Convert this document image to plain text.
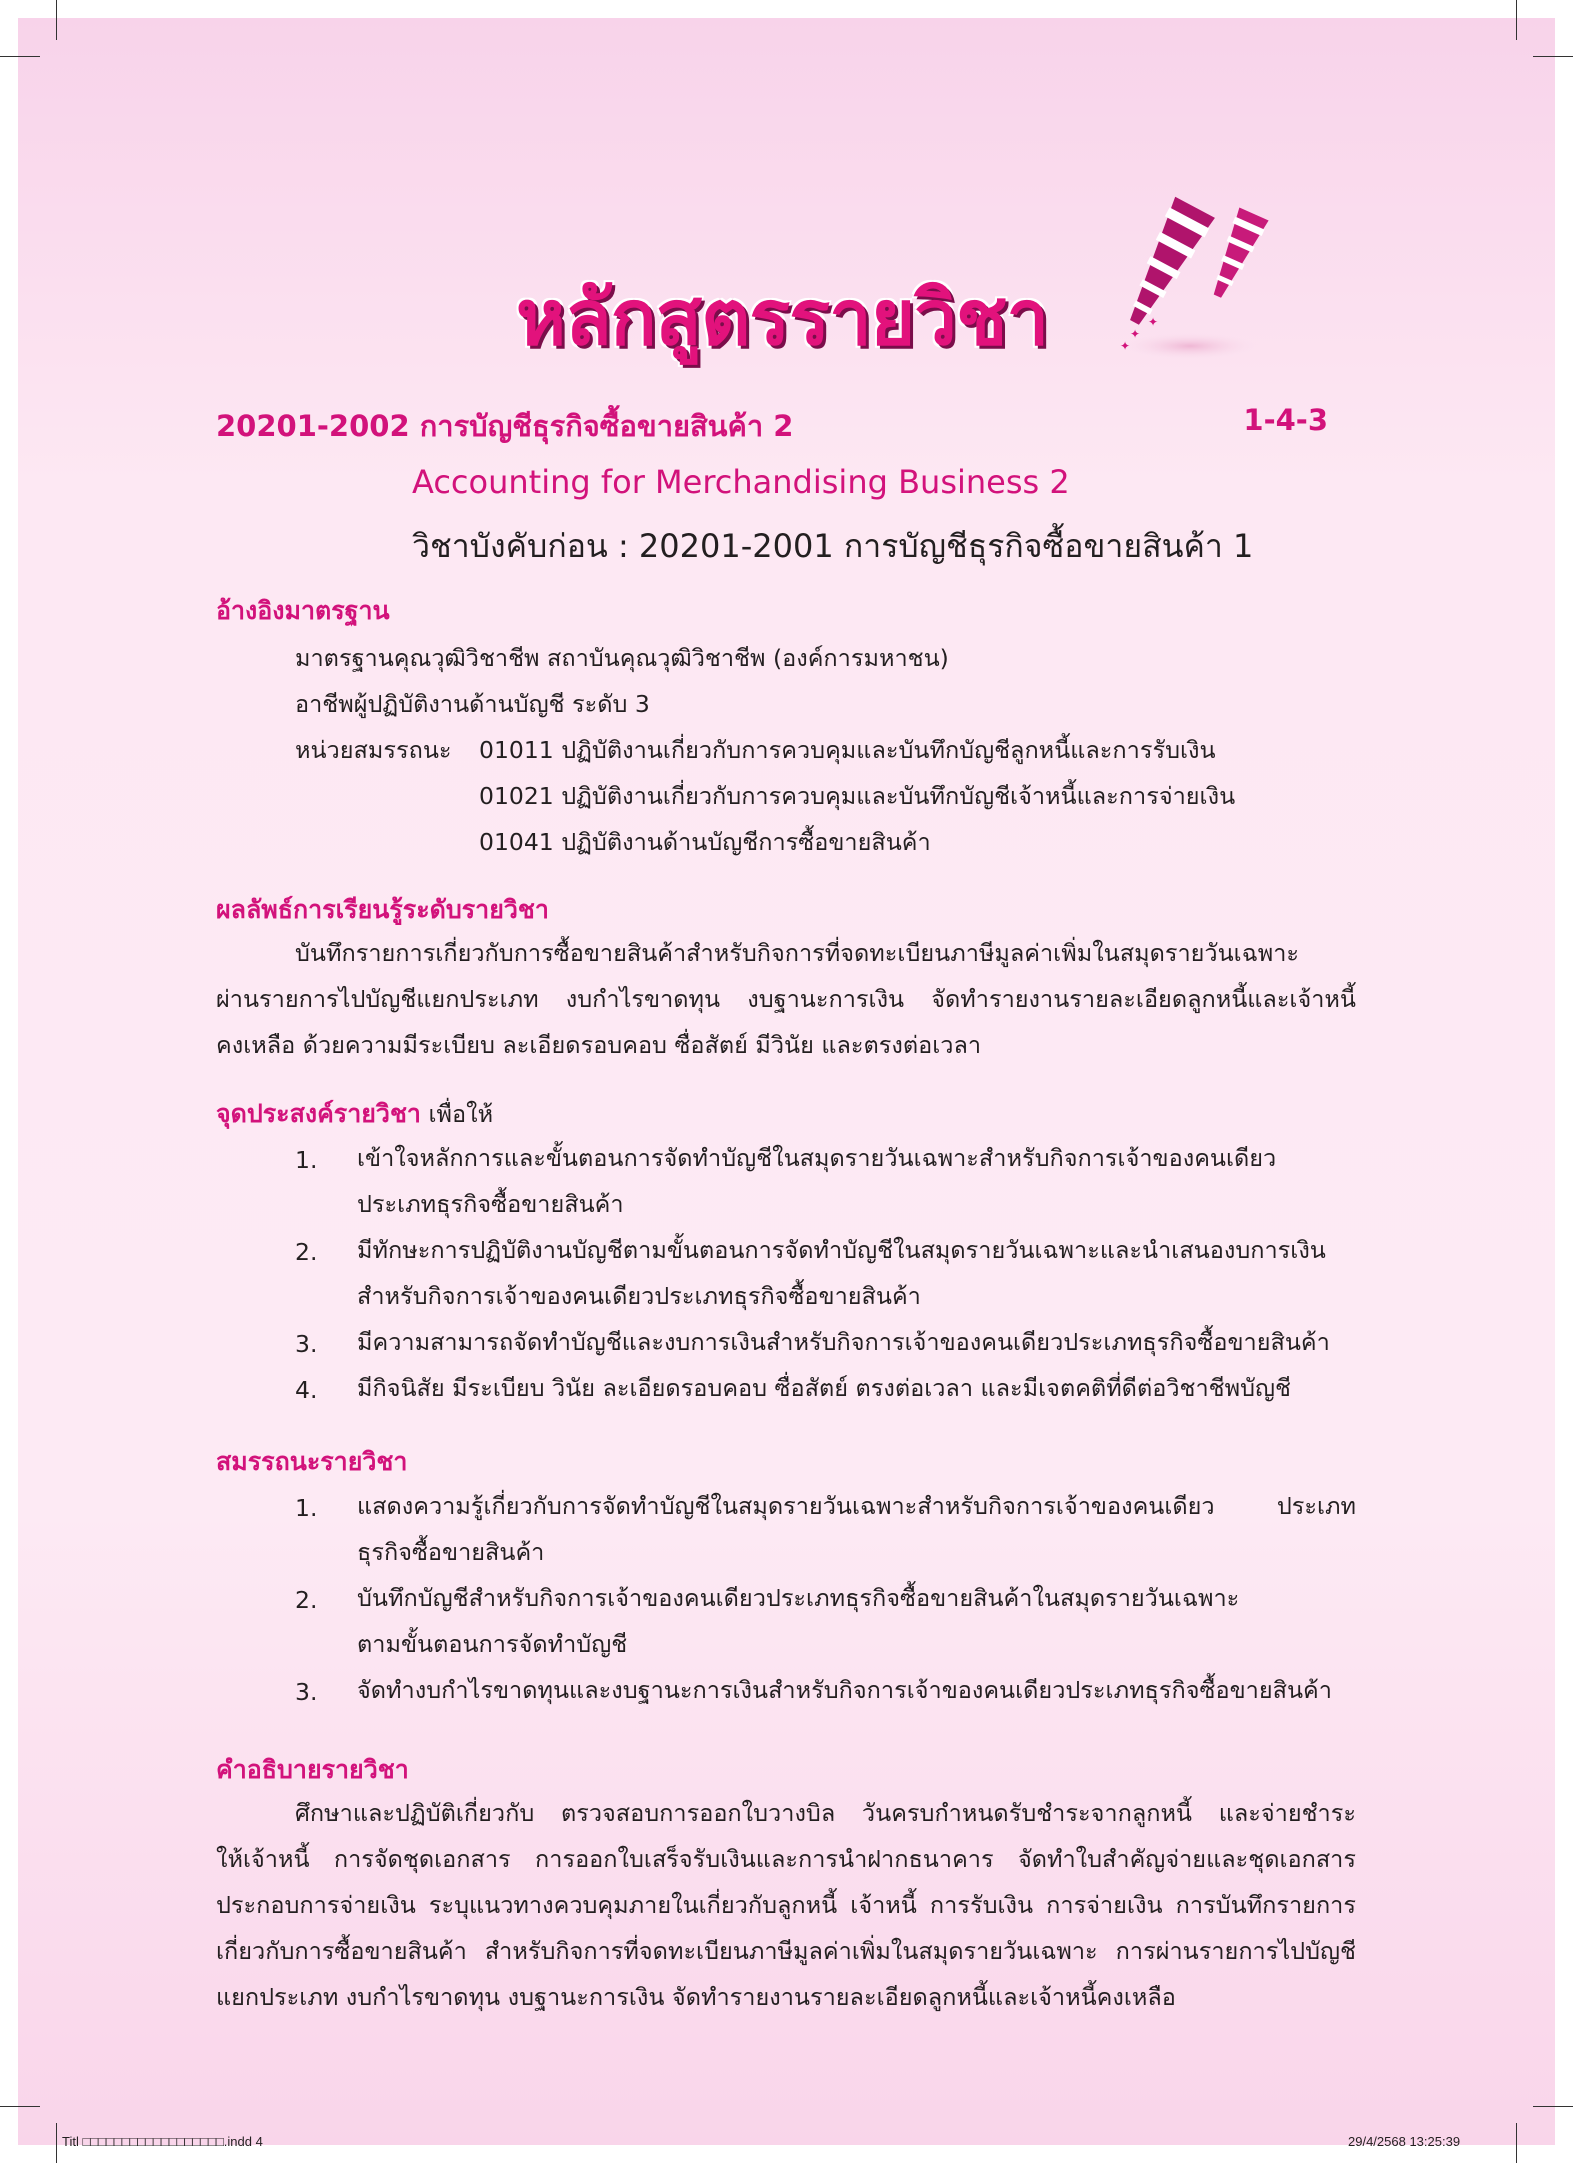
หลักสูตรรายวิชา	✦
✦
✦
20201-2002 การบัญชีธุรกิจซื้อขายสินค้า 2	1-4-3
Accounting for Merchandising Business 2
วิชาบังคับก่อน : 20201-2001 การบัญชีธุรกิจซื้อขายสินค้า 1
อ้างอิงมาตรฐาน
มาตรฐานคุณวุฒิวิชาชีพ สถาบันคุณวุฒิวิชาชีพ (องค์การมหาชน)
อาชีพผู้ปฏิบัติงานด้านบัญชี ระดับ 3
หน่วยสมรรถนะ 01011 ปฏิบัติงานเกี่ยวกับการควบคุมและบันทึกบัญชีลูกหนี้และการรับเงิน
01021 ปฏิบัติงานเกี่ยวกับการควบคุมและบันทึกบัญชีเจ้าหนี้และการจ่ายเงิน
01041 ปฏิบัติงานด้านบัญชีการซื้อขายสินค้า
ผลลัพธ์การเรียนรู้ระดับรายวิชา
บันทึกรายการเกี่ยวกับการซื้อขายสินค้าสำหรับกิจการที่จดทะเบียนภาษีมูลค่าเพิ่มในสมุดรายวันเฉพาะ
ผ่านรายการไปบัญชีแยกประเภท งบกำไรขาดทุน งบฐานะการเงิน จัดทำรายงานรายละเอียดลูกหนี้และเจ้าหนี้
คงเหลือ ด้วยความมีระเบียบ ละเอียดรอบคอบ ซื่อสัตย์ มีวินัย และตรงต่อเวลา
จุดประสงค์รายวิชา เพื่อให้
1. เข้าใจหลักการและขั้นตอนการจัดทำบัญชีในสมุดรายวันเฉพาะสำหรับกิจการเจ้าของคนเดียว
ประเภทธุรกิจซื้อขายสินค้า
2. มีทักษะการปฏิบัติงานบัญชีตามขั้นตอนการจัดทำบัญชีในสมุดรายวันเฉพาะและนำเสนองบการเงิน
สำหรับกิจการเจ้าของคนเดียวประเภทธุรกิจซื้อขายสินค้า
3. มีความสามารถจัดทำบัญชีและงบการเงินสำหรับกิจการเจ้าของคนเดียวประเภทธุรกิจซื้อขายสินค้า
4. มีกิจนิสัย มีระเบียบ วินัย ละเอียดรอบคอบ ซื่อสัตย์ ตรงต่อเวลา และมีเจตคติที่ดีต่อวิชาชีพบัญชี
สมรรถนะรายวิชา
1. แสดงความรู้เกี่ยวกับการจัดทำบัญชีในสมุดรายวันเฉพาะสำหรับกิจการเจ้าของคนเดียว ประเภท
ธุรกิจซื้อขายสินค้า
2. บันทึกบัญชีสำหรับกิจการเจ้าของคนเดียวประเภทธุรกิจซื้อขายสินค้าในสมุดรายวันเฉพาะ
ตามขั้นตอนการจัดทำบัญชี
3. จัดทำงบกำไรขาดทุนและงบฐานะการเงินสำหรับกิจการเจ้าของคนเดียวประเภทธุรกิจซื้อขายสินค้า
คำอธิบายรายวิชา
ศึกษาและปฏิบัติเกี่ยวกับ ตรวจสอบการออกใบวางบิล วันครบกำหนดรับชำระจากลูกหนี้ และจ่ายชำระ
ให้เจ้าหนี้ การจัดชุดเอกสาร การออกใบเสร็จรับเงินและการนำฝากธนาคาร จัดทำใบสำคัญจ่ายและชุดเอกสาร
ประกอบการจ่ายเงิน ระบุแนวทางควบคุมภายในเกี่ยวกับลูกหนี้ เจ้าหนี้ การรับเงิน การจ่ายเงิน การบันทึกรายการ
เกี่ยวกับการซื้อขายสินค้า สำหรับกิจการที่จดทะเบียนภาษีมูลค่าเพิ่มในสมุดรายวันเฉพาะ การผ่านรายการไปบัญชี
แยกประเภท งบกำไรขาดทุน งบฐานะการเงิน จัดทำรายงานรายละเอียดลูกหนี้และเจ้าหนี้คงเหลือ
Titl □□□□□□□□□□□□□□□□□□.indd 4	29/4/2568 13:25:39
